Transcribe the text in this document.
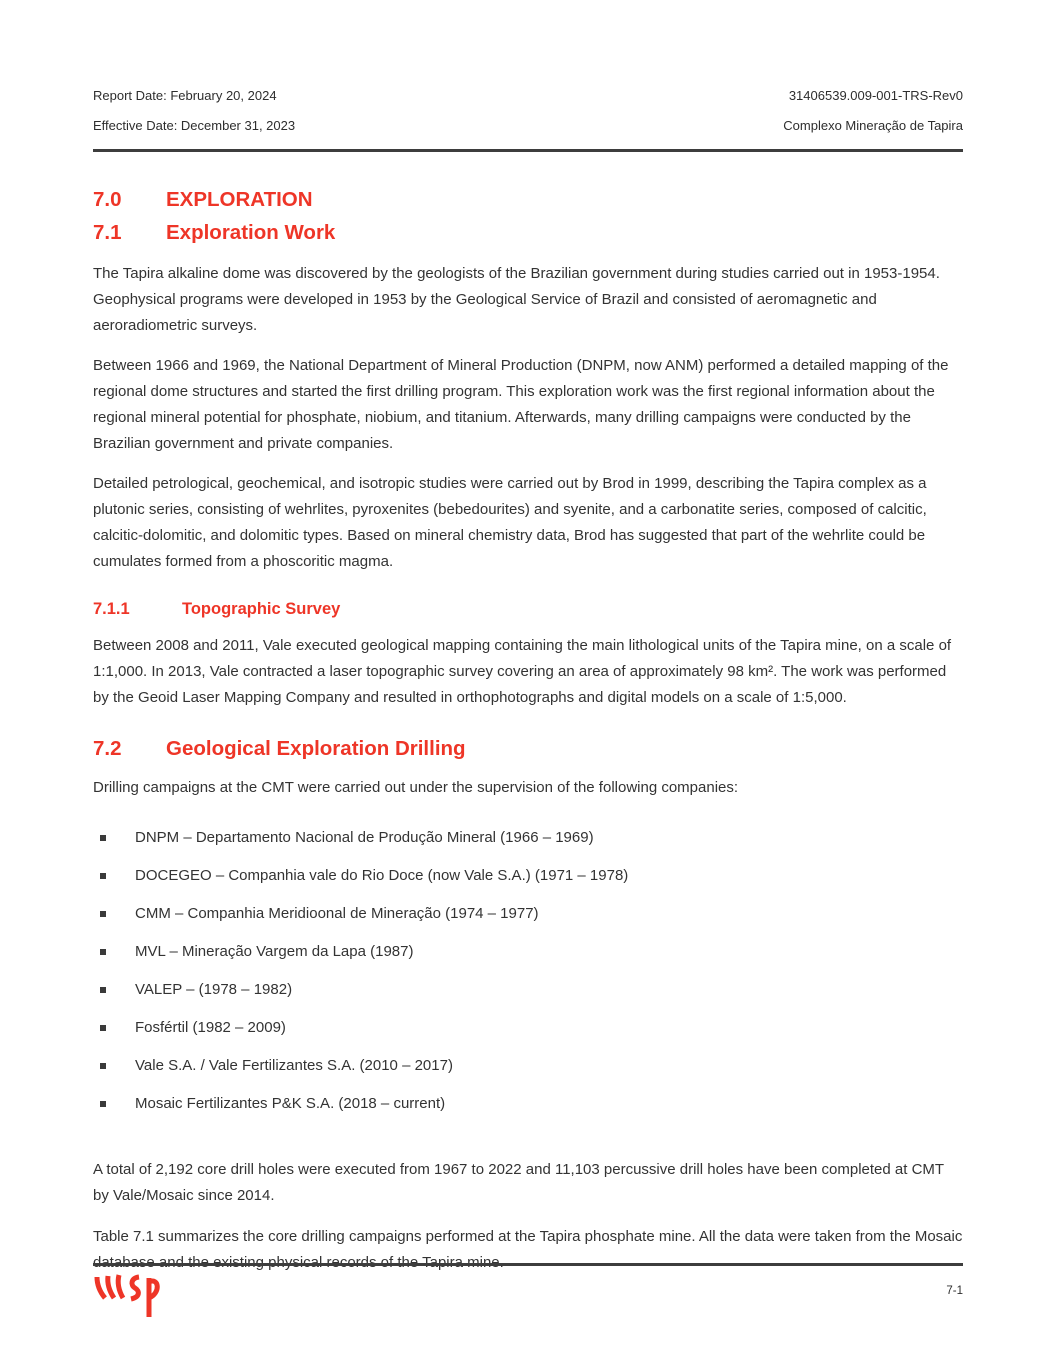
Report Date: February 20, 2024	31406539.009-001-TRS-Rev0
Effective Date: December 31, 2023	Complexo Mineração de Tapira
7.0	EXPLORATION
7.1	Exploration Work

The Tapira alkaline dome was discovered by the geologists of the Brazilian government during studies carried out in 1953-1954. Geophysical programs were developed in 1953 by the Geological Service of Brazil and consisted of aeromagnetic and aeroradiometric surveys.

Between 1966 and 1969, the National Department of Mineral Production (DNPM, now ANM) performed a detailed mapping of the regional dome structures and started the first drilling program. This exploration work was the first regional information about the regional mineral potential for phosphate, niobium, and titanium. Afterwards, many drilling campaigns were conducted by the Brazilian government and private companies.

Detailed petrological, geochemical, and isotropic studies were carried out by Brod in 1999, describing the Tapira complex as a plutonic series, consisting of wehrlites, pyroxenites (bebedourites) and syenite, and a carbonatite series, composed of calcitic, calcitic-dolomitic, and dolomitic types. Based on mineral chemistry data, Brod has suggested that part of the wehrlite could be cumulates formed from a phoscoritic magma.

7.1.1	Topographic Survey

Between 2008 and 2011, Vale executed geological mapping containing the main lithological units of the Tapira mine, on a scale of 1:1,000. In 2013, Vale contracted a laser topographic survey covering an area of approximately 98 km². The work was performed by the Geoid Laser Mapping Company and resulted in orthophotographs and digital models on a scale of 1:5,000.

7.2	Geological Exploration Drilling

Drilling campaigns at the CMT were carried out under the supervision of the following companies:

DNPM – Departamento Nacional de Produção Mineral (1966 – 1969)
DOCEGEO – Companhia vale do Rio Doce (now Vale S.A.) (1971 – 1978)
CMM – Companhia Meridioonal de Mineração (1974 – 1977)
MVL – Mineração Vargem da Lapa (1987)
VALEP – (1978 – 1982)
Fosfértil (1982 – 2009)
Vale S.A. / Vale Fertilizantes S.A. (2010 – 2017)
Mosaic Fertilizantes P&K S.A. (2018 – current)

A total of 2,192 core drill holes were executed from 1967 to 2022 and 11,103 percussive drill holes have been completed at CMT by Vale/Mosaic since 2014.

Table 7.1 summarizes the core drilling campaigns performed at the Tapira phosphate mine. All the data were taken from the Mosaic database and the existing physical records of the Tapira mine.

7-1
